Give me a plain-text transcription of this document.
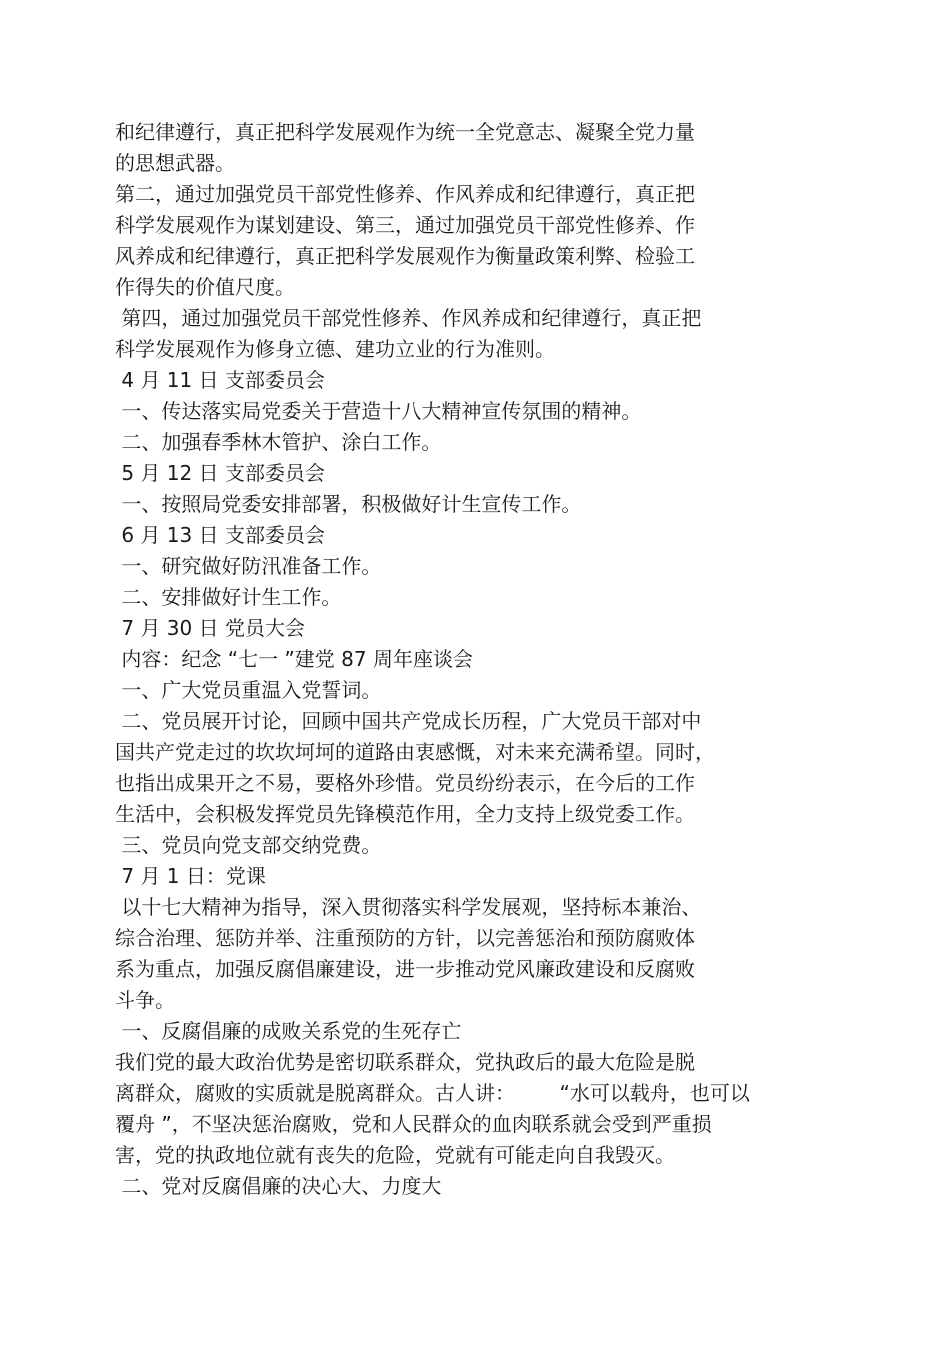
和纪律遵行，真正把科学发展观作为统一全党意志、凝聚全党力量
的思想武器。
第二，通过加强党员干部党性修养、作风养成和纪律遵行，真正把
科学发展观作为谋划建设、第三，通过加强党员干部党性修养、作
风养成和纪律遵行，真正把科学发展观作为衡量政策利弊、检验工
作得失的价值尺度。
第四，通过加强党员干部党性修养、作风养成和纪律遵行，真正把
科学发展观作为修身立德、建功立业的行为准则。
4 月 11 日 支部委员会
一、传达落实局党委关于营造十八大精神宣传氛围的精神。
二、加强春季林木管护、涂白工作。
5 月 12 日 支部委员会
一、按照局党委安排部署，积极做好计生宣传工作。
6 月 13 日 支部委员会
一、研究做好防汛准备工作。
二、安排做好计生工作。
7 月 30 日 党员大会
内容：纪念 “七一 ”建党 87 周年座谈会
一、广大党员重温入党誓词。
二、党员展开讨论，回顾中国共产党成长历程，广大党员干部对中
国共产党走过的坎坎坷坷的道路由衷感慨，对未来充满希望。同时，
也指出成果开之不易，要格外珍惜。党员纷纷表示，在今后的工作
生活中，会积极发挥党员先锋模范作用，全力支持上级党委工作。
三、党员向党支部交纳党费。
7 月 1 日：党课
以十七大精神为指导，深入贯彻落实科学发展观，坚持标本兼治、
综合治理、惩防并举、注重预防的方针，以完善惩治和预防腐败体
系为重点，加强反腐倡廉建设，进一步推动党风廉政建设和反腐败
斗争。
一、反腐倡廉的成败关系党的生死存亡
我们党的最大政治优势是密切联系群众，党执政后的最大危险是脱
离群众，腐败的实质就是脱离群众。古人讲：       “水可以载舟，也可以
覆舟 ”，不坚决惩治腐败，党和人民群众的血肉联系就会受到严重损
害，党的执政地位就有丧失的危险，党就有可能走向自我毁灭。
二、党对反腐倡廉的决心大、力度大
